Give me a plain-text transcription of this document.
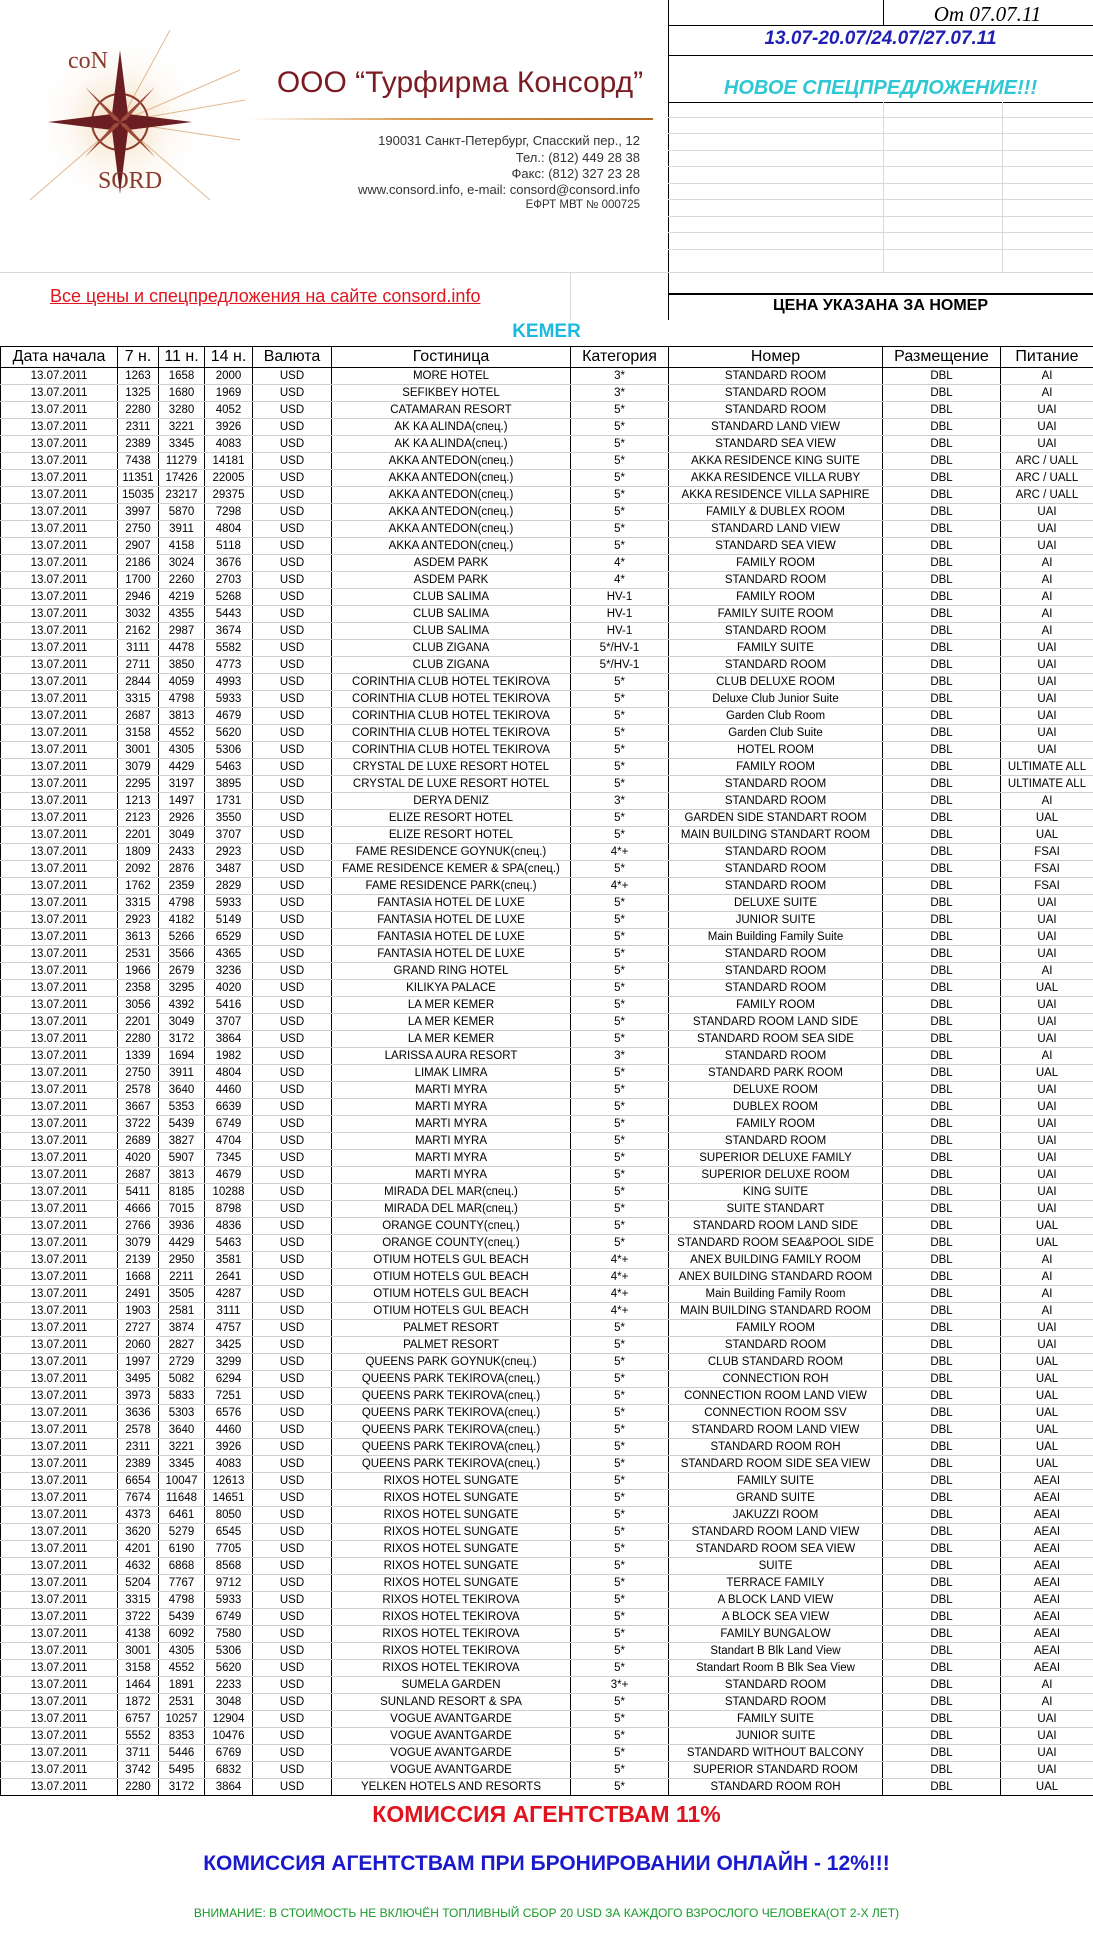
coN
SORD
ООО “Турфирма Консорд”
190031 Санкт-Петербург, Спасский пер., 12
Тел.: (812) 449 28 38
Факс: (812) 327 23 28
www.consord.info, e-mail: consord@consord.info
ЕФРТ МВТ № 000725
От 07.07.11
13.07-20.07/24.07/27.07.11
НОВОЕ СПЕЦПРЕДЛОЖЕНИЕ!!!
ЦЕНА УКАЗАНА ЗА НОМЕР
Все цены и спецпредложения на сайте consord.info
KEMER
Дата начала	7 н.	11 н.	14 н.	Валюта	Гостиница	Категория	Номер	Размещение	Питание
13.07.2011	1263	1658	2000	USD	MORE HOTEL	3*	STANDARD ROOM	DBL	AI
13.07.2011	1325	1680	1969	USD	SEFIKBEY HOTEL	3*	STANDARD ROOM	DBL	AI
13.07.2011	2280	3280	4052	USD	CATAMARAN RESORT	5*	STANDARD ROOM	DBL	UAI
13.07.2011	2311	3221	3926	USD	AK KA ALINDA(спец.)	5*	STANDARD LAND VIEW	DBL	UAI
13.07.2011	2389	3345	4083	USD	AK KA ALINDA(спец.)	5*	STANDARD SEA VIEW	DBL	UAI
13.07.2011	7438	11279	14181	USD	AKKA ANTEDON(спец.)	5*	AKKA RESIDENCE KING SUITE	DBL	ARC / UALL
13.07.2011	11351	17426	22005	USD	AKKA ANTEDON(спец.)	5*	AKKA RESIDENCE VILLA RUBY	DBL	ARC / UALL
13.07.2011	15035	23217	29375	USD	AKKA ANTEDON(спец.)	5*	AKKA RESIDENCE VILLA SAPHIRE	DBL	ARC / UALL
13.07.2011	3997	5870	7298	USD	AKKA ANTEDON(спец.)	5*	FAMILY & DUBLEX ROOM	DBL	UAI
13.07.2011	2750	3911	4804	USD	AKKA ANTEDON(спец.)	5*	STANDARD LAND VIEW	DBL	UAI
13.07.2011	2907	4158	5118	USD	AKKA ANTEDON(спец.)	5*	STANDARD SEA VIEW	DBL	UAI
13.07.2011	2186	3024	3676	USD	ASDEM PARK	4*	FAMILY ROOM	DBL	AI
13.07.2011	1700	2260	2703	USD	ASDEM PARK	4*	STANDARD ROOM	DBL	AI
13.07.2011	2946	4219	5268	USD	CLUB SALIMA	HV-1	FAMILY ROOM	DBL	AI
13.07.2011	3032	4355	5443	USD	CLUB SALIMA	HV-1	FAMILY SUITE ROOM	DBL	AI
13.07.2011	2162	2987	3674	USD	CLUB SALIMA	HV-1	STANDARD ROOM	DBL	AI
13.07.2011	3111	4478	5582	USD	CLUB ZIGANA	5*/HV-1	FAMILY SUITE	DBL	UAI
13.07.2011	2711	3850	4773	USD	CLUB ZIGANA	5*/HV-1	STANDARD ROOM	DBL	UAI
13.07.2011	2844	4059	4993	USD	CORINTHIA CLUB HOTEL TEKIROVA	5*	CLUB DELUXE ROOM	DBL	UAI
13.07.2011	3315	4798	5933	USD	CORINTHIA CLUB HOTEL TEKIROVA	5*	Deluxe Club Junior Suite	DBL	UAI
13.07.2011	2687	3813	4679	USD	CORINTHIA CLUB HOTEL TEKIROVA	5*	Garden Club Room	DBL	UAI
13.07.2011	3158	4552	5620	USD	CORINTHIA CLUB HOTEL TEKIROVA	5*	Garden Club Suite	DBL	UAI
13.07.2011	3001	4305	5306	USD	CORINTHIA CLUB HOTEL TEKIROVA	5*	HOTEL ROOM	DBL	UAI
13.07.2011	3079	4429	5463	USD	CRYSTAL DE LUXE RESORT HOTEL	5*	FAMILY ROOM	DBL	ULTIMATE ALL
13.07.2011	2295	3197	3895	USD	CRYSTAL DE LUXE RESORT HOTEL	5*	STANDARD ROOM	DBL	ULTIMATE ALL
13.07.2011	1213	1497	1731	USD	DERYA DENIZ	3*	STANDARD ROOM	DBL	AI
13.07.2011	2123	2926	3550	USD	ELIZE RESORT HOTEL	5*	GARDEN SIDE STANDART ROOM	DBL	UAL
13.07.2011	2201	3049	3707	USD	ELIZE RESORT HOTEL	5*	MAIN BUILDING STANDART ROOM	DBL	UAL
13.07.2011	1809	2433	2923	USD	FAME RESIDENCE GOYNUK(спец.)	4*+	STANDARD ROOM	DBL	FSAI
13.07.2011	2092	2876	3487	USD	FAME RESIDENCE KEMER & SPA(спец.)	5*	STANDARD ROOM	DBL	FSAI
13.07.2011	1762	2359	2829	USD	FAME RESIDENCE PARK(спец.)	4*+	STANDARD ROOM	DBL	FSAI
13.07.2011	3315	4798	5933	USD	FANTASIA HOTEL DE LUXE	5*	DELUXE SUITE	DBL	UAI
13.07.2011	2923	4182	5149	USD	FANTASIA HOTEL DE LUXE	5*	JUNIOR SUITE	DBL	UAI
13.07.2011	3613	5266	6529	USD	FANTASIA HOTEL DE LUXE	5*	Main Building Family Suite	DBL	UAI
13.07.2011	2531	3566	4365	USD	FANTASIA HOTEL DE LUXE	5*	STANDARD ROOM	DBL	UAI
13.07.2011	1966	2679	3236	USD	GRAND RING HOTEL	5*	STANDARD ROOM	DBL	AI
13.07.2011	2358	3295	4020	USD	KILIKYA PALACE	5*	STANDARD ROOM	DBL	UAL
13.07.2011	3056	4392	5416	USD	LA MER KEMER	5*	FAMILY ROOM	DBL	UAI
13.07.2011	2201	3049	3707	USD	LA MER KEMER	5*	STANDARD ROOM LAND SIDE	DBL	UAI
13.07.2011	2280	3172	3864	USD	LA MER KEMER	5*	STANDARD ROOM SEA SIDE	DBL	UAI
13.07.2011	1339	1694	1982	USD	LARISSA AURA RESORT	3*	STANDARD ROOM	DBL	AI
13.07.2011	2750	3911	4804	USD	LIMAK LIMRA	5*	STANDARD PARK ROOM	DBL	UAL
13.07.2011	2578	3640	4460	USD	MARTI MYRA	5*	DELUXE ROOM	DBL	UAI
13.07.2011	3667	5353	6639	USD	MARTI MYRA	5*	DUBLEX ROOM	DBL	UAI
13.07.2011	3722	5439	6749	USD	MARTI MYRA	5*	FAMILY ROOM	DBL	UAI
13.07.2011	2689	3827	4704	USD	MARTI MYRA	5*	STANDARD ROOM	DBL	UAI
13.07.2011	4020	5907	7345	USD	MARTI MYRA	5*	SUPERIOR DELUXE FAMILY	DBL	UAI
13.07.2011	2687	3813	4679	USD	MARTI MYRA	5*	SUPERIOR DELUXE ROOM	DBL	UAI
13.07.2011	5411	8185	10288	USD	MIRADA DEL MAR(спец.)	5*	KING SUITE	DBL	UAI
13.07.2011	4666	7015	8798	USD	MIRADA DEL MAR(спец.)	5*	SUITE STANDART	DBL	UAI
13.07.2011	2766	3936	4836	USD	ORANGE COUNTY(спец.)	5*	STANDARD ROOM LAND SIDE	DBL	UAL
13.07.2011	3079	4429	5463	USD	ORANGE COUNTY(спец.)	5*	STANDARD ROOM SEA&POOL SIDE	DBL	UAL
13.07.2011	2139	2950	3581	USD	OTIUM HOTELS GUL BEACH	4*+	ANEX BUILDING FAMILY ROOM	DBL	AI
13.07.2011	1668	2211	2641	USD	OTIUM HOTELS GUL BEACH	4*+	ANEX BUILDING STANDARD ROOM	DBL	AI
13.07.2011	2491	3505	4287	USD	OTIUM HOTELS GUL BEACH	4*+	Main Building Family Room	DBL	AI
13.07.2011	1903	2581	3111	USD	OTIUM HOTELS GUL BEACH	4*+	MAIN BUILDING STANDARD ROOM	DBL	AI
13.07.2011	2727	3874	4757	USD	PALMET RESORT	5*	FAMILY ROOM	DBL	UAI
13.07.2011	2060	2827	3425	USD	PALMET RESORT	5*	STANDARD ROOM	DBL	UAI
13.07.2011	1997	2729	3299	USD	QUEENS PARK GOYNUK(спец.)	5*	CLUB STANDARD ROOM	DBL	UAL
13.07.2011	3495	5082	6294	USD	QUEENS PARK TEKIROVA(спец.)	5*	CONNECTION ROH	DBL	UAL
13.07.2011	3973	5833	7251	USD	QUEENS PARK TEKIROVA(спец.)	5*	CONNECTION ROOM LAND VIEW	DBL	UAL
13.07.2011	3636	5303	6576	USD	QUEENS PARK TEKIROVA(спец.)	5*	CONNECTION ROOM SSV	DBL	UAL
13.07.2011	2578	3640	4460	USD	QUEENS PARK TEKIROVA(спец.)	5*	STANDARD ROOM LAND VIEW	DBL	UAL
13.07.2011	2311	3221	3926	USD	QUEENS PARK TEKIROVA(спец.)	5*	STANDARD ROOM ROH	DBL	UAL
13.07.2011	2389	3345	4083	USD	QUEENS PARK TEKIROVA(спец.)	5*	STANDARD ROOM SIDE SEA VIEW	DBL	UAL
13.07.2011	6654	10047	12613	USD	RIXOS HOTEL SUNGATE	5*	FAMILY SUITE	DBL	AEAI
13.07.2011	7674	11648	14651	USD	RIXOS HOTEL SUNGATE	5*	GRAND SUITE	DBL	AEAI
13.07.2011	4373	6461	8050	USD	RIXOS HOTEL SUNGATE	5*	JAKUZZI ROOM	DBL	AEAI
13.07.2011	3620	5279	6545	USD	RIXOS HOTEL SUNGATE	5*	STANDARD ROOM LAND VIEW	DBL	AEAI
13.07.2011	4201	6190	7705	USD	RIXOS HOTEL SUNGATE	5*	STANDARD ROOM SEA VIEW	DBL	AEAI
13.07.2011	4632	6868	8568	USD	RIXOS HOTEL SUNGATE	5*	SUITE	DBL	AEAI
13.07.2011	5204	7767	9712	USD	RIXOS HOTEL SUNGATE	5*	TERRACE FAMILY	DBL	AEAI
13.07.2011	3315	4798	5933	USD	RIXOS HOTEL TEKIROVA	5*	A BLOCK LAND VIEW	DBL	AEAI
13.07.2011	3722	5439	6749	USD	RIXOS HOTEL TEKIROVA	5*	A BLOCK SEA VIEW	DBL	AEAI
13.07.2011	4138	6092	7580	USD	RIXOS HOTEL TEKIROVA	5*	FAMILY BUNGALOW	DBL	AEAI
13.07.2011	3001	4305	5306	USD	RIXOS HOTEL TEKIROVA	5*	Standart B Blk Land View	DBL	AEAI
13.07.2011	3158	4552	5620	USD	RIXOS HOTEL TEKIROVA	5*	Standart Room B Blk Sea View	DBL	AEAI
13.07.2011	1464	1891	2233	USD	SUMELA GARDEN	3*+	STANDARD ROOM	DBL	AI
13.07.2011	1872	2531	3048	USD	SUNLAND RESORT & SPA	5*	STANDARD ROOM	DBL	AI
13.07.2011	6757	10257	12904	USD	VOGUE AVANTGARDE	5*	FAMILY SUITE	DBL	UAI
13.07.2011	5552	8353	10476	USD	VOGUE AVANTGARDE	5*	JUNIOR SUITE	DBL	UAI
13.07.2011	3711	5446	6769	USD	VOGUE AVANTGARDE	5*	STANDARD WITHOUT BALCONY	DBL	UAI
13.07.2011	3742	5495	6832	USD	VOGUE AVANTGARDE	5*	SUPERIOR STANDARD ROOM	DBL	UAI
13.07.2011	2280	3172	3864	USD	YELKEN HOTELS AND RESORTS	5*	STANDARD ROOM ROH	DBL	UAL
КОМИССИЯ АГЕНТСТВАМ 11%
КОМИССИЯ АГЕНТСТВАМ ПРИ БРОНИРОВАНИИ ОНЛАЙН - 12%!!!
ВНИМАНИЕ: В СТОИМОСТЬ НЕ ВКЛЮЧЁН ТОПЛИВНЫЙ СБОР 20 USD ЗА КАЖДОГО ВЗРОСЛОГО ЧЕЛОВЕКА(ОТ 2-Х ЛЕТ)
